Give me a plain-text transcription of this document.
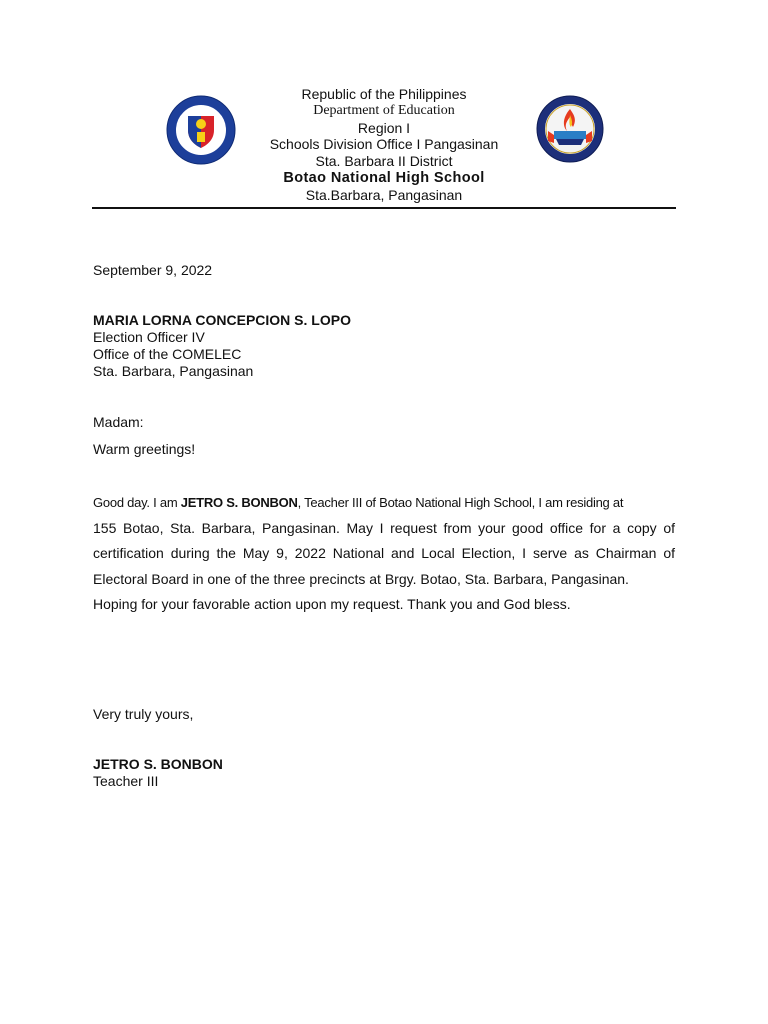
Republic of the Philippines
Department of Education
Region I
Schools Division Office I Pangasinan
Sta. Barbara II District
Botao National High School
Sta.Barbara, Pangasinan
September 9, 2022
MARIA LORNA CONCEPCION S. LOPO
Election Officer IV
Office of the COMELEC
Sta. Barbara, Pangasinan
Madam:
Warm greetings!
Good day. I am JETRO S. BONBON, Teacher III of Botao National High School, I am residing at
155 Botao, Sta. Barbara, Pangasinan. May I request from your good office for a copy of certification during the May 9, 2022 National and Local Election, I serve as Chairman of Electoral Board in one of the three precincts at Brgy. Botao, Sta. Barbara, Pangasinan.
Hoping for your favorable action upon my request. Thank you and God bless.
Very truly yours,
JETRO S. BONBON
Teacher III
